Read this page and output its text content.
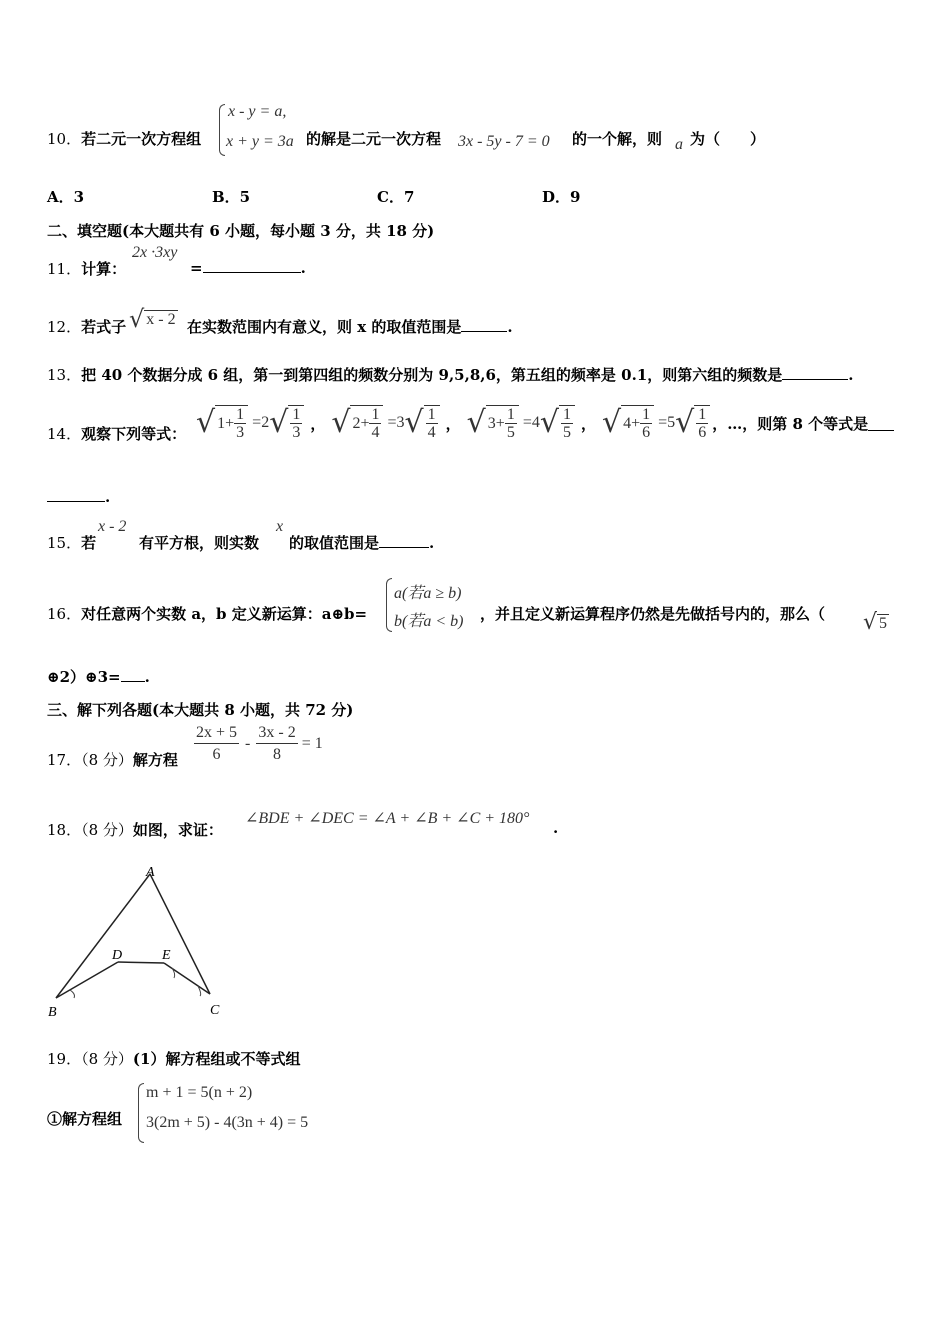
10．若二元一次方程组
x - y = a,
x + y = 3a 的解是二元一次方程 3x - 5y - 7 = 0 的一个解，则 a 为（　　）
A．3	B．5	C．7	D．9
二、填空题(本大题共有 6 小题，每小题 3 分，共 18 分)
11．计算：
2x ·3xy
=	.
12．若式子 √ x - 2 在实数范围内有意义，则 x 的取值范围是	.
13．把 40 个数据分成 6 组，第一到第四组的频数分别为 9,5,8,6，第五组的频率是 0.1，则第六组的频数是	.
14．观察下列等式： √ $1 + \frac{1}{3} = 2$ √ $\frac{1}{3}$ ， √ $2 + \frac{1}{4} = 3$ √ $\frac{1}{4}$ ， √ $3 + \frac{1}{5} = 4$ √ $\frac{1}{5}$ ， √ $4 + \frac{1}{6} = 5$ √ $\frac{1}{6}$ ，…，则第 8 个等式是
.
15．若
x - 2
有平方根，则实数
x
的取值范围是	.
16．对任意两个实数 a，b 定义新运算：a⊕b=
a(若a ≥ b)
b(若a < b) ，并且定义新运算程序仍然是先做括号内的，那么（ √ 5
⊕2）⊕3= .
三、解下列各题(本大题共 8 小题，共 72 分)
17．（8 分）解方程 $\frac{2x + 5}{6} - \frac{3x - 2}{8} = 1$
18．（8 分）如图，求证：
∠BDE + ∠DEC = ∠A + ∠B + ∠C + 180°
.
A
B	C
D	E
19．（8 分）(1）解方程组或不等式组
①解方程组
m + 1 = 5(n + 2)
3(2m + 5) - 4(3n + 4) = 5
